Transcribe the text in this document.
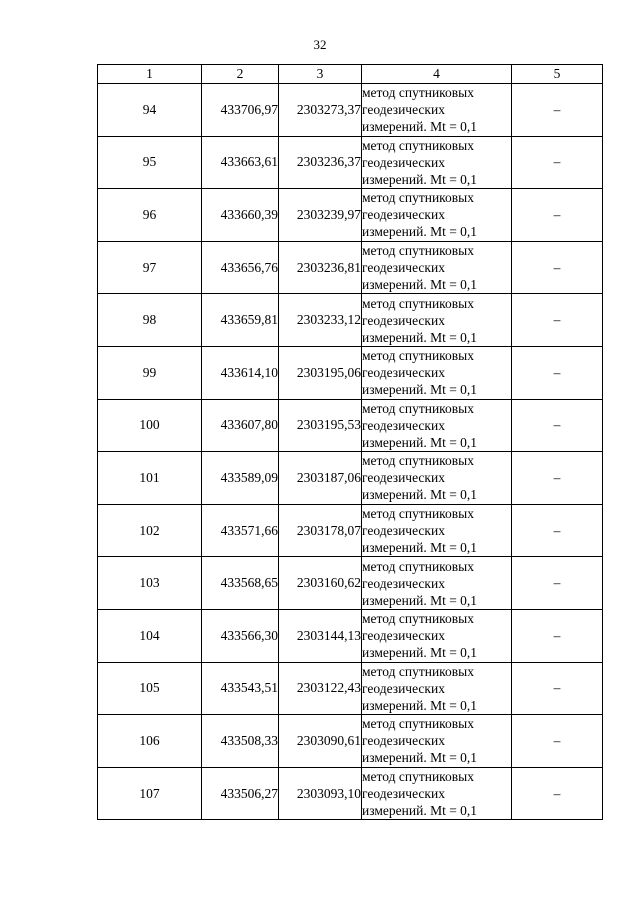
32
1	2	3	4	5
94	433706,97	2303273,37	метод спутниковых геодезических измерений. Mt = 0,1	–
95	433663,61	2303236,37	метод спутниковых геодезических измерений. Mt = 0,1	–
96	433660,39	2303239,97	метод спутниковых геодезических измерений. Mt = 0,1	–
97	433656,76	2303236,81	метод спутниковых геодезических измерений. Mt = 0,1	–
98	433659,81	2303233,12	метод спутниковых геодезических измерений. Mt = 0,1	–
99	433614,10	2303195,06	метод спутниковых геодезических измерений. Mt = 0,1	–
100	433607,80	2303195,53	метод спутниковых геодезических измерений. Mt = 0,1	–
101	433589,09	2303187,06	метод спутниковых геодезических измерений. Mt = 0,1	–
102	433571,66	2303178,07	метод спутниковых геодезических измерений. Mt = 0,1	–
103	433568,65	2303160,62	метод спутниковых геодезических измерений. Mt = 0,1	–
104	433566,30	2303144,13	метод спутниковых геодезических измерений. Mt = 0,1	–
105	433543,51	2303122,43	метод спутниковых геодезических измерений. Mt = 0,1	–
106	433508,33	2303090,61	метод спутниковых геодезических измерений. Mt = 0,1	–
107	433506,27	2303093,10	метод спутниковых геодезических измерений. Mt = 0,1	–
